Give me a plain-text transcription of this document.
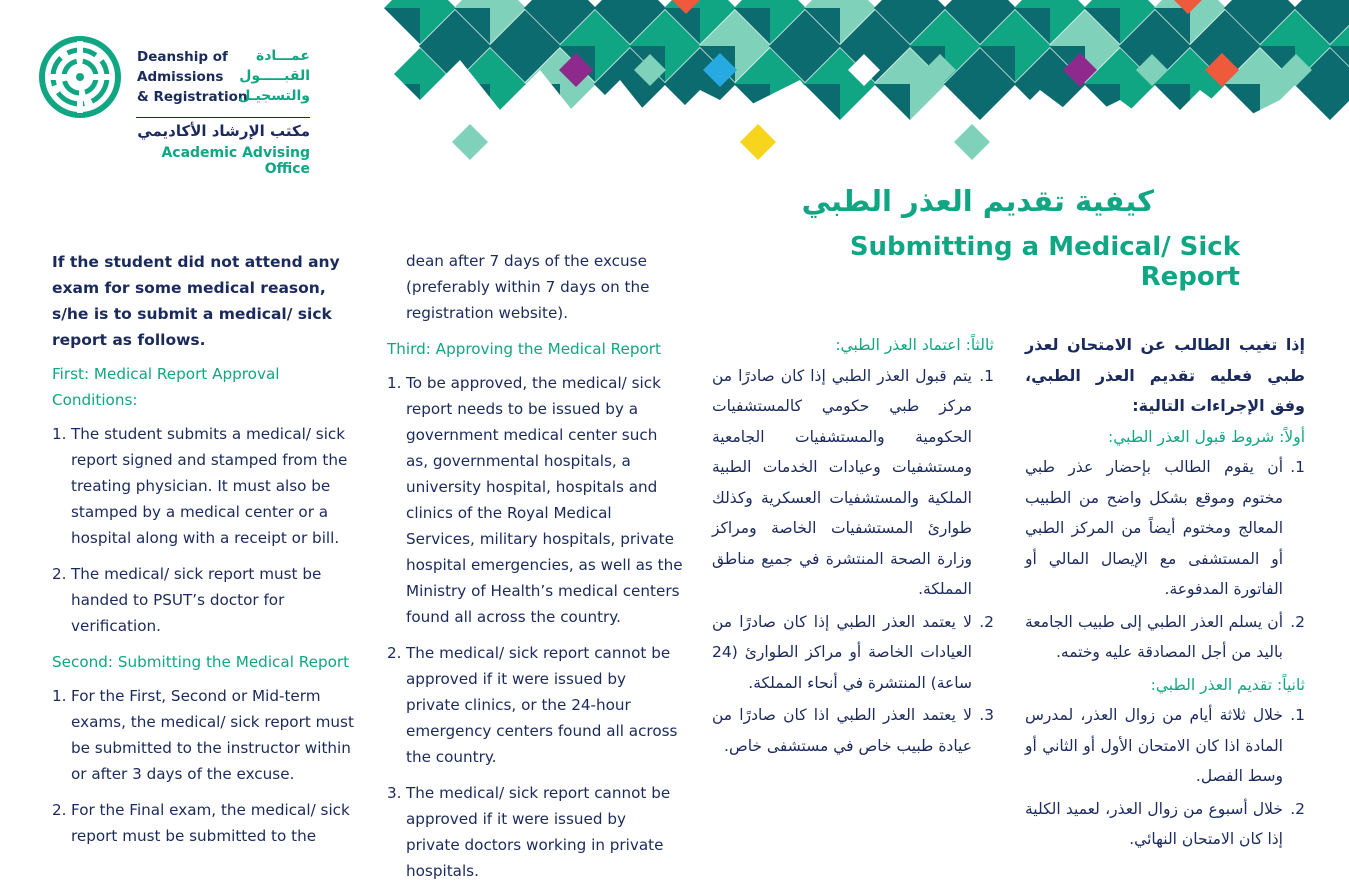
Deanship of
Admissions
& Registration
عمـــادة
القبـــــول
والتسجيـل
مكتب الإرشاد الأكاديمي
Academic Advising Office
كيفية تقديم العذر الطبي
Submitting a Medical/ Sick Report

If the student did not attend any exam for some medical reason, s/he is to submit a medical/ sick report as follows.

First: Medical Report Approval Conditions:

1. The student submits a medical/ sick report signed and stamped from the treating physician. It must also be stamped by a medical center or a hospital along with a receipt or bill.
2. The medical/ sick report must be handed to PSUT’s doctor for verification.

Second: Submitting the Medical Report

1. For the First, Second or Mid-term exams, the medical/ sick report must be submitted to the instructor within or after 3 days of the excuse.
2. For the Final exam, the medical/ sick report must be submitted to the
dean after 7 days of the excuse (preferably within 7 days on the registration website).

Third: Approving the Medical Report

1. To be approved, the medical/ sick report needs to be issued by a government medical center such as, governmental hospitals, a university hospital, hospitals and clinics of the Royal Medical Services, military hospitals, private hospital emergencies, as well as the Ministry of Health’s medical centers found all across the country.
2. The medical/ sick report cannot be approved if it were issued by private clinics, or the 24-hour emergency centers found all across the country.
3. The medical/ sick report cannot be approved if it were issued by private doctors working in private hospitals.

ثالثاً: اعتماد العذر الطبي:

1.
يتم قبول العذر الطبي إذا كان صادرًا من مركز طبي حكومي كالمستشفيات الحكومية والمستشفيات الجامعية ومستشفيات وعيادات الخدمات الطبية الملكية والمستشفيات العسكرية وكذلك طوارئ المستشفيات الخاصة ومراكز وزارة الصحة المنتشرة في جميع مناطق المملكة.
2.
لا يعتمد العذر الطبي إذا كان صادرًا من العيادات الخاصة أو مراكز الطوارئ (24 ساعة) المنتشرة في أنحاء المملكة.
3.
لا يعتمد العذر الطبي اذا كان صادرًا من عيادة طبيب خاص في مستشفى خاص.

إذا تغيب الطالب عن الامتحان لعذر طبي فعليه تقديم العذر الطبي، وفق الإجراءات التالية:

أولاً: شروط قبول العذر الطبي:

1.
أن يقوم الطالب بإحضار عذر طبي مختوم وموقع بشكل واضح من الطبيب المعالج ومختوم أيضاً من المركز الطبي أو المستشفى مع الإيصال المالي أو الفاتورة المدفوعة.
2.
أن يسلم العذر الطبي إلى طبيب الجامعة باليد من أجل المصادقة عليه وختمه.

ثانياً: تقديم العذر الطبي:

1.
خلال ثلاثة أيام من زوال العذر، لمدرس المادة اذا كان الامتحان الأول أو الثاني أو وسط الفصل.
2.
خلال أسبوع من زوال العذر، لعميد الكلية إذا كان الامتحان النهائي.
